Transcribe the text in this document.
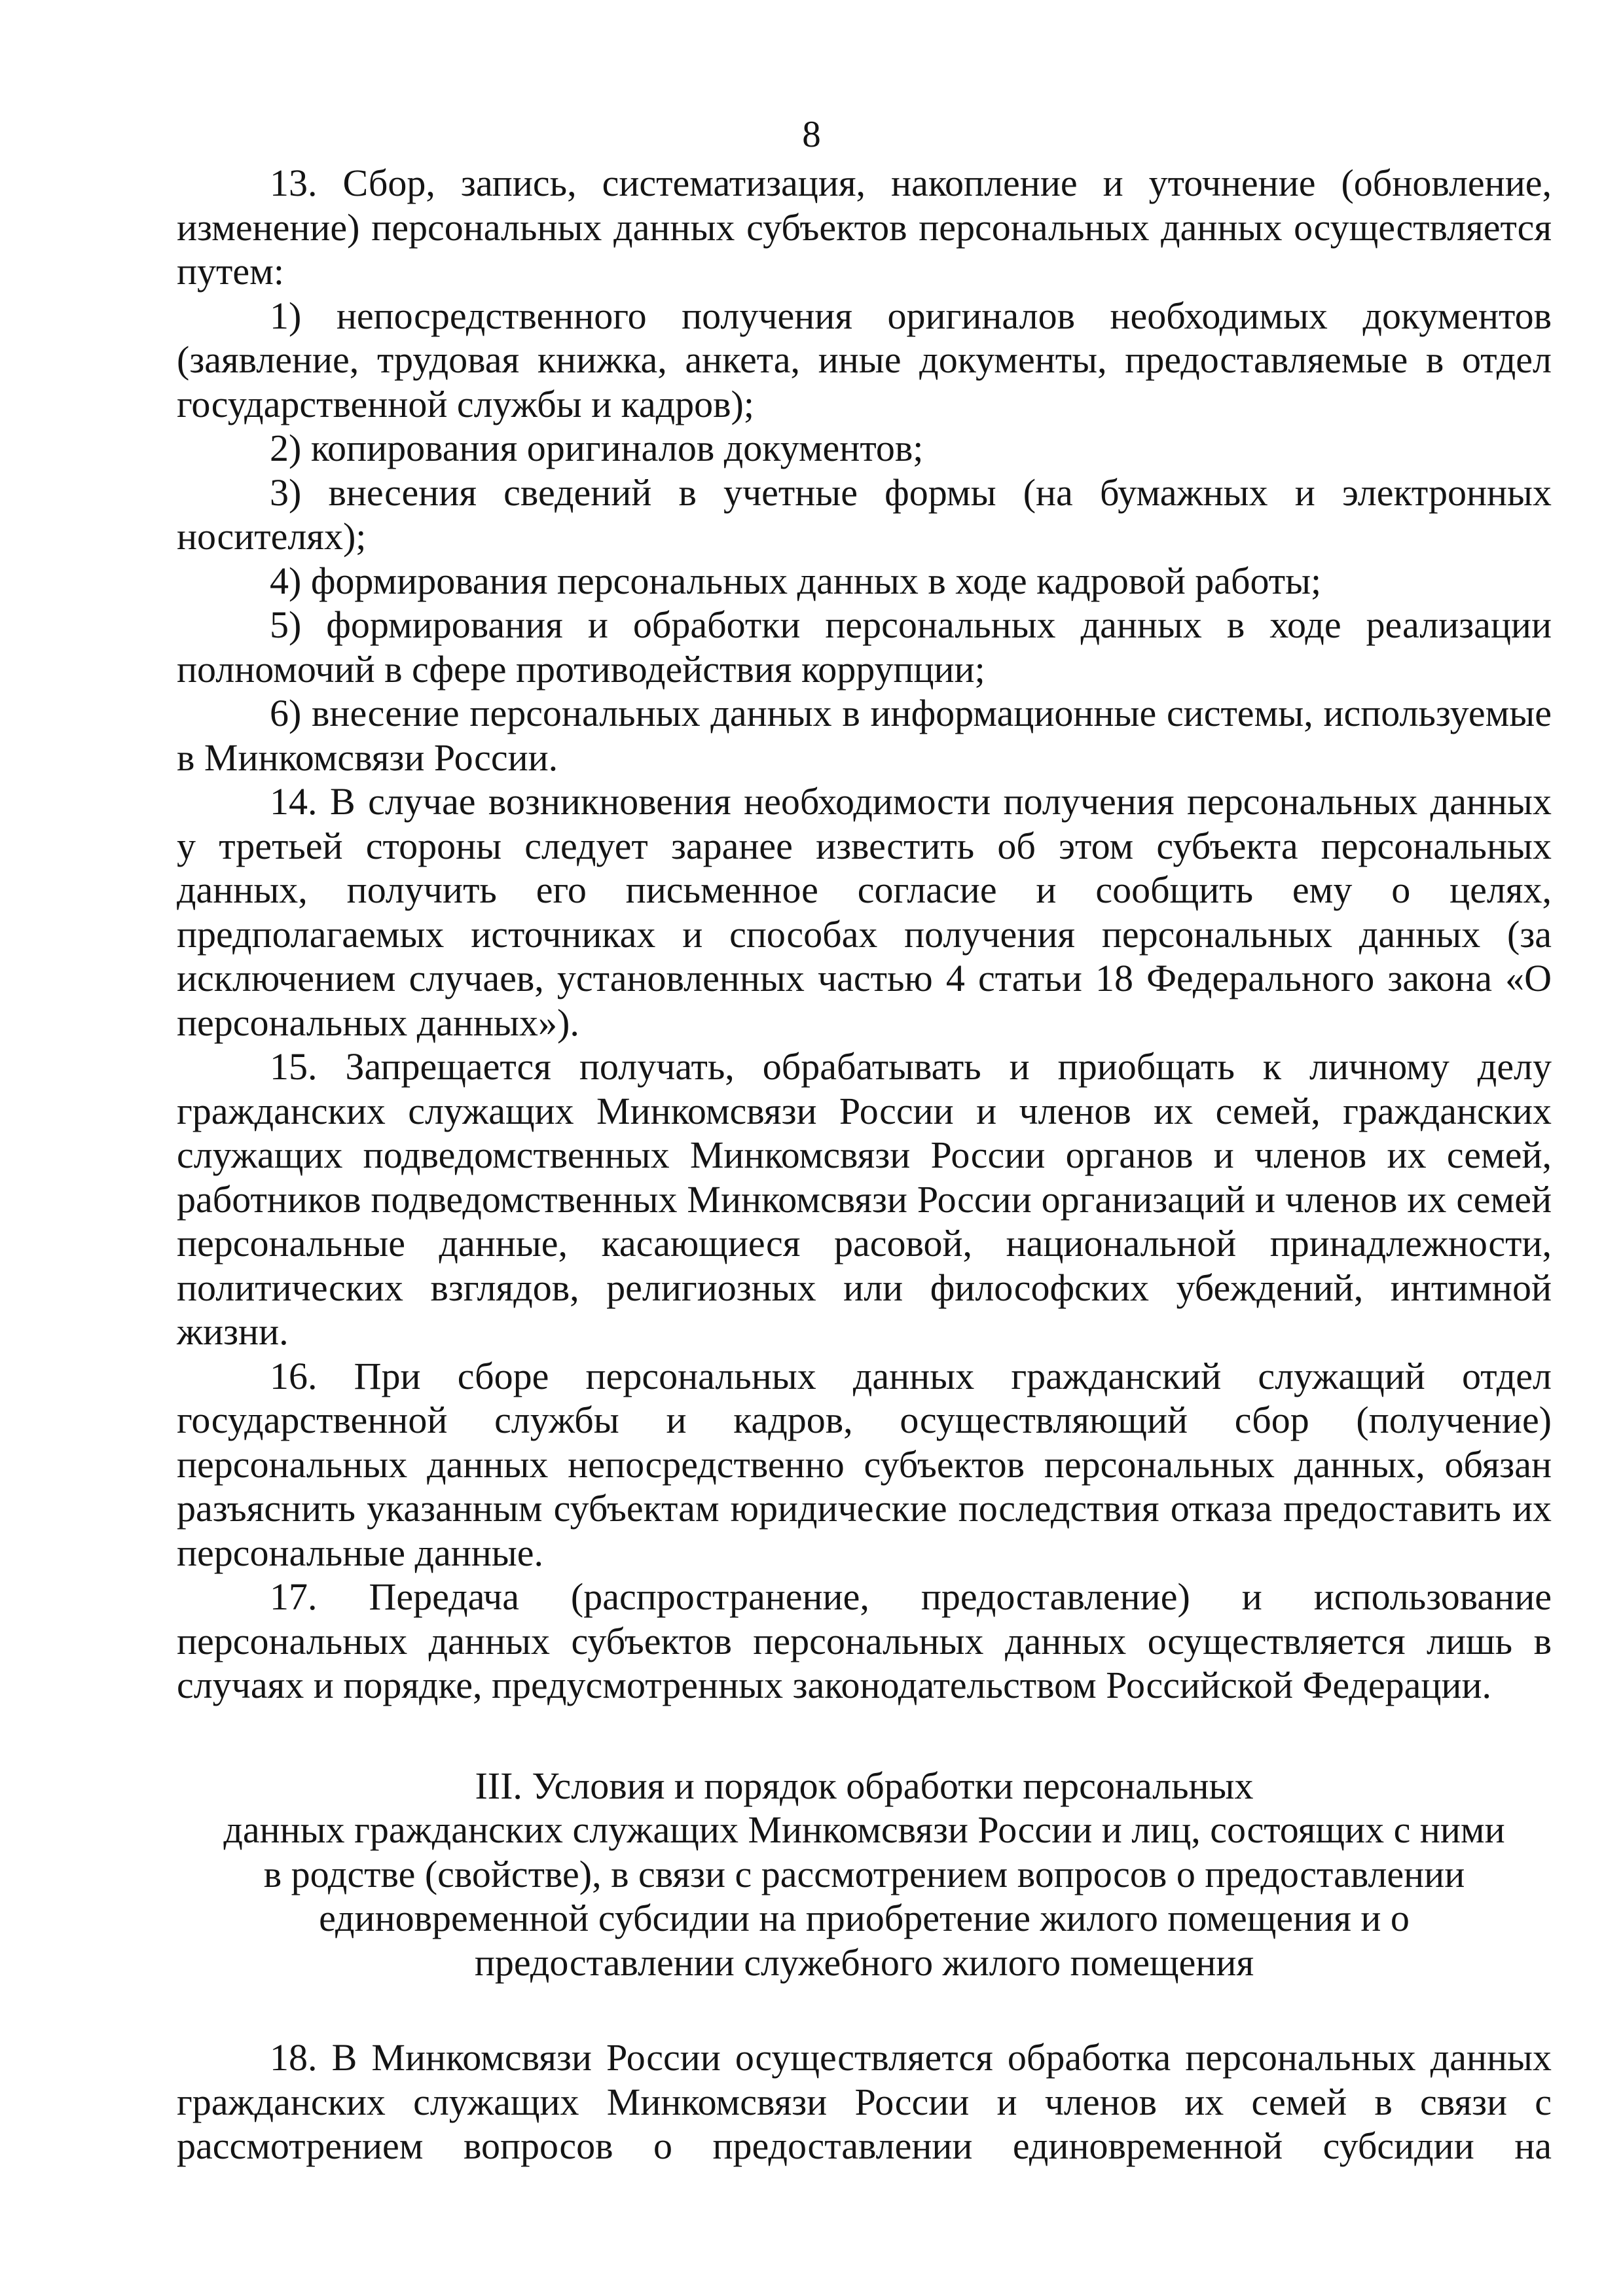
8

13. Сбор, запись, систематизация, накопление и уточнение (обновление, изменение) персональных данных субъектов персональных данных осуществляется путем:

1) непосредственного получения оригиналов необходимых документов (заявление, трудовая книжка, анкета, иные документы, предоставляемые в отдел государственной службы и кадров);

2) копирования оригиналов документов;

3) внесения сведений в учетные формы (на бумажных и электронных носителях);

4) формирования персональных данных в ходе кадровой работы;

5) формирования и обработки персональных данных в ходе реализации полномочий в сфере противодействия коррупции;

6) внесение персональных данных в информационные системы, используемые в Минкомсвязи России.

14. В случае возникновения необходимости получения персональных данных у третьей стороны следует заранее известить об этом субъекта персональных данных, получить его письменное согласие и сообщить ему о целях, предполагаемых источниках и способах получения персональных данных (за исключением случаев, установленных частью 4 статьи 18 Федерального закона «О персональных данных»).

15. Запрещается получать, обрабатывать и приобщать к личному делу гражданских служащих Минкомсвязи России и членов их семей, гражданских служащих подведомственных Минкомсвязи России органов и членов их семей, работников подведомственных Минкомсвязи России организаций и членов их семей персональные данные, касающиеся расовой, национальной принадлежности, политических взглядов, религиозных или философских убеждений, интимной жизни.

16. При сборе персональных данных гражданский служащий отдел государственной службы и кадров, осуществляющий сбор (получение) персональных данных непосредственно субъектов персональных данных, обязан разъяснить указанным субъектам юридические последствия отказа предоставить их персональные данные.

17. Передача (распространение, предоставление) и использование персональных данных субъектов персональных данных осуществляется лишь в случаях и порядке, предусмотренных законодательством Российской Федерации.

III. Условия и порядок обработки персональных
данных гражданских служащих Минкомсвязи России и лиц, состоящих с ними
в родстве (свойстве), в связи с рассмотрением вопросов о предоставлении
единовременной субсидии на приобретение жилого помещения и о
предоставлении служебного жилого помещения

18. В Минкомсвязи России осуществляется обработка персональных данных гражданских служащих Минкомсвязи России и членов их семей в связи с рассмотрением вопросов о предоставлении единовременной субсидии на
